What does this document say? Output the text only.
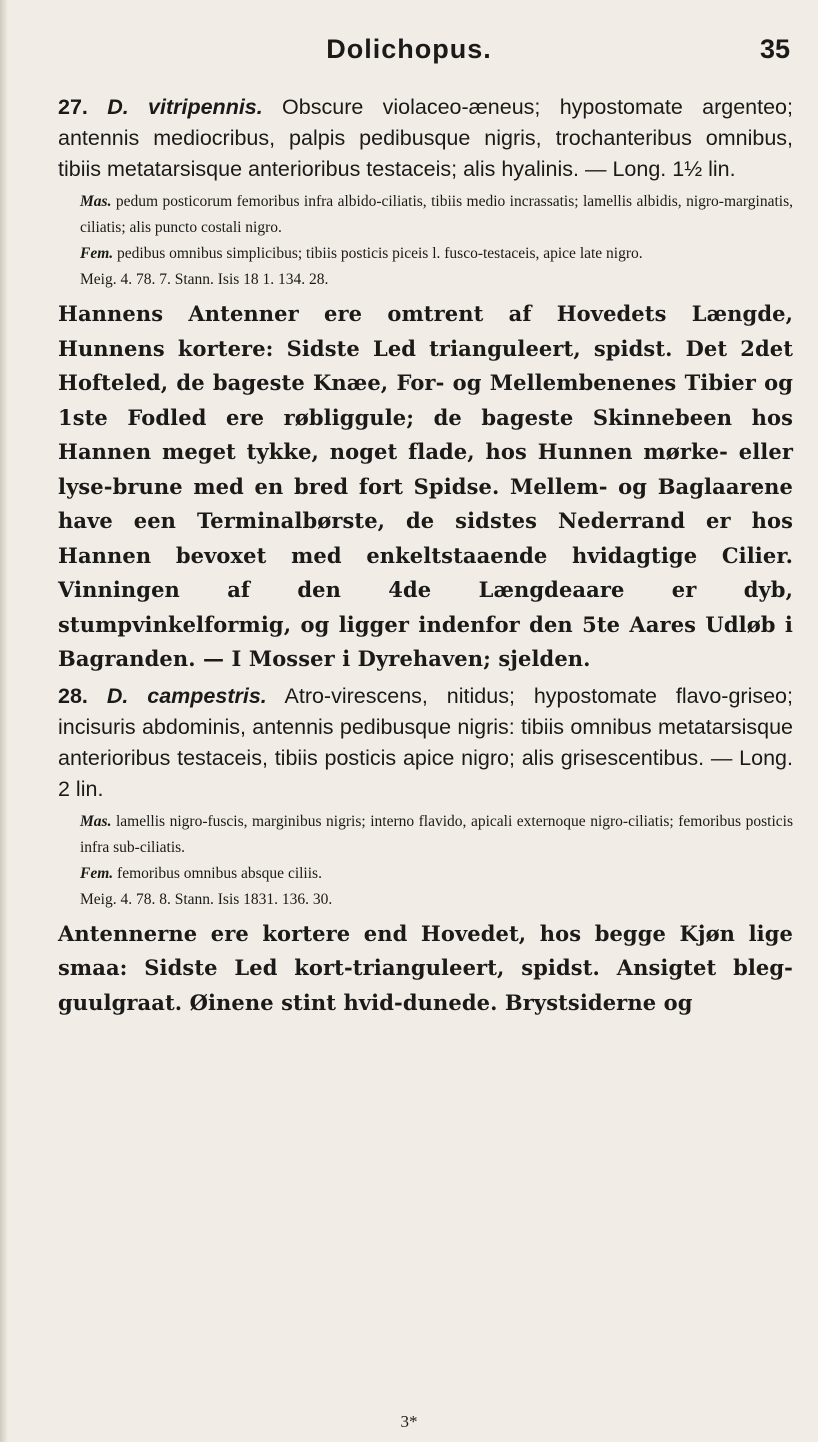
Dolichopus.	35

27. D. vitripennis. Obscure violaceo-æneus; hypostomate argenteo; antennis mediocribus, palpis pedibusque nigris, trochanteribus omnibus, tibiis metatarsisque anterioribus testaceis; alis hyalinis. — Long. 1½ lin.

Mas. pedum posticorum femoribus infra albido-ciliatis, tibiis medio incrassatis; lamellis albidis, nigro-marginatis, ciliatis; alis puncto costali nigro.

Fem. pedibus omnibus simplicibus; tibiis posticis piceis l. fusco-testaceis, apice late nigro.

Meig. 4. 78. 7. Stann. Isis 18 1. 134. 28.

Hannens Antenner ere omtrent af Hovedets Længde, Hunnens kortere: Sidste Led trianguleert, spidst. Det 2det Hofteled, de bageste Knæe, For- og Mellembenenes Tibier og 1ste Fodled ere røbliggule; de bageste Skinnebeen hos Hannen meget tykke, noget flade, hos Hunnen mørke- eller lyse-brune med en bred fort Spidse. Mellem- og Baglaarene have een Terminalbørste, de sidstes Nederrand er hos Hannen bevoxet med enkeltstaaende hvidagtige Cilier. Vinningen af den 4de Længdeaare er dyb, stumpvinkelformig, og ligger indenfor den 5te Aares Udløb i Bagranden. — I Mosser i Dyrehaven; sjelden.

28. D. campestris. Atro-virescens, nitidus; hypostomate flavo-griseo; incisuris abdominis, antennis pedibusque nigris: tibiis omnibus metatarsisque anterioribus testaceis, tibiis posticis apice nigro; alis grisescentibus. — Long. 2 lin.

Mas. lamellis nigro-fuscis, marginibus nigris; interno flavido, apicali externoque nigro-ciliatis; femoribus posticis infra sub-ciliatis.

Fem. femoribus omnibus absque ciliis.

Meig. 4. 78. 8. Stann. Isis 1831. 136. 30.

Antennerne ere kortere end Hovedet, hos begge Kjøn lige smaa: Sidste Led kort-trianguleert, spidst. Ansigtet bleg-guulgraat. Øinene stint hvid-dunede. Brystsiderne og

3*
